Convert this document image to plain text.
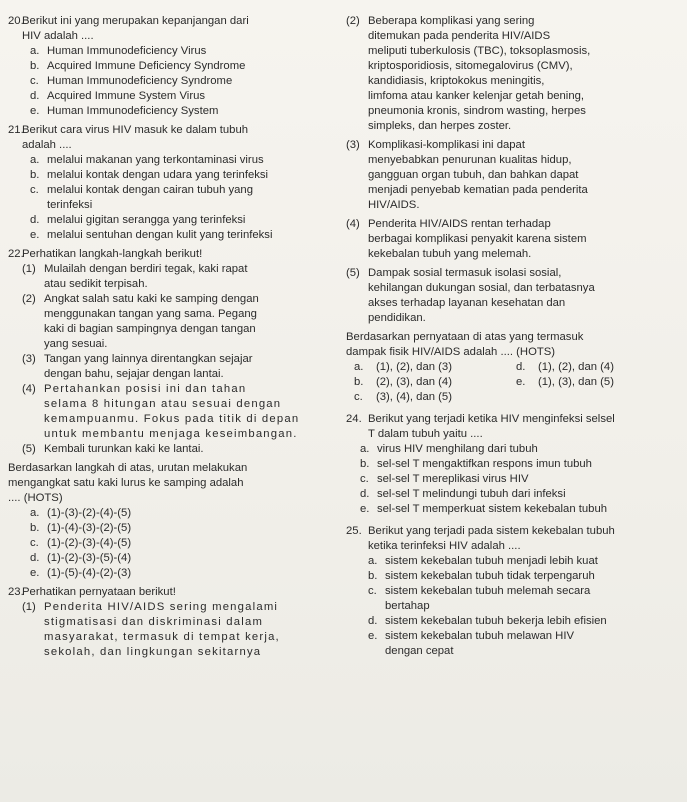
20.

Berikut ini yang merupakan kepanjangan dari
HIV adalah ....

a. Human Immunodeficiency Virus
b. Acquired Immune Deficiency Syndrome
c. Human Immunodeficiency Syndrome
d. Acquired Immune System Virus
e. Human Immunodeficiency System
21.

Berikut cara virus HIV masuk ke dalam tubuh
adalah ....

a. melalui makanan yang terkontaminasi virus
b. melalui kontak dengan udara yang terinfeksi
c. melalui kontak dengan cairan tubuh yang
terinfeksi
d. melalui gigitan serangga yang terinfeksi
e. melalui sentuhan dengan kulit yang terinfeksi
22.

Perhatikan langkah-langkah berikut!

(1) Mulailah dengan berdiri tegak, kaki rapat
atau sedikit terpisah.
(2) Angkat salah satu kaki ke samping dengan
menggunakan tangan yang sama. Pegang
kaki di bagian sampingnya dengan tangan
yang sesuai.
(3) Tangan yang lainnya direntangkan sejajar
dengan bahu, sejajar dengan lantai.
(4) Pertahankan posisi ini dan tahan
selama 8 hitungan atau sesuai dengan
kemampuanmu. Fokus pada titik di depan
untuk membantu menjaga keseimbangan.
(5) Kembali turunkan kaki ke lantai.

Berdasarkan langkah di atas, urutan melakukan
mengangkat satu kaki lurus ke samping adalah
.... (HOTS)

a. (1)-(3)-(2)-(4)-(5)
b. (1)-(4)-(3)-(2)-(5)
c. (1)-(2)-(3)-(4)-(5)
d. (1)-(2)-(3)-(5)-(4)
e. (1)-(5)-(4)-(2)-(3)
23.

Perhatikan pernyataan berikut!

(1) Penderita HIV/AIDS sering mengalami
stigmatisasi dan diskriminasi dalam
masyarakat, termasuk di tempat kerja,
sekolah, dan lingkungan sekitarnya
(2) Beberapa komplikasi yang sering
ditemukan pada penderita HIV/AIDS
meliputi tuberkulosis (TBC), toksoplasmosis,
kriptosporidiosis, sitomegalovirus (CMV),
kandidiasis, kriptokokus meningitis,
limfoma atau kanker kelenjar getah bening,
pneumonia kronis, sindrom wasting, herpes
simpleks, dan herpes zoster.
(3) Komplikasi-komplikasi ini dapat
menyebabkan penurunan kualitas hidup,
gangguan organ tubuh, dan bahkan dapat
menjadi penyebab kematian pada penderita
HIV/AIDS.
(4) Penderita HIV/AIDS rentan terhadap
berbagai komplikasi penyakit karena sistem
kekebalan tubuh yang melemah.
(5) Dampak sosial termasuk isolasi sosial,
kehilangan dukungan sosial, dan terbatasnya
akses terhadap layanan kesehatan dan
pendidikan.

Berdasarkan pernyataan di atas yang termasuk
dampak fisik HIV/AIDS adalah .... (HOTS)

a.	(1), (2), dan (3)	d.	(1), (2), dan (4)
b.	(2), (3), dan (4)	e.	(1), (3), dan (5)
c.	(3), (4), dan (5)
24. Berikut yang terjadi ketika HIV menginfeksi selsel
T dalam tubuh yaitu ....

a. virus HIV menghilang dari tubuh
b. sel-sel T mengaktifkan respons imun tubuh
c. sel-sel T mereplikasi virus HIV
d. sel-sel T melindungi tubuh dari infeksi
e. sel-sel T memperkuat sistem kekebalan tubuh
25. Berikut yang terjadi pada sistem kekebalan tubuh
ketika terinfeksi HIV adalah ....

a. sistem kekebalan tubuh menjadi lebih kuat
b. sistem kekebalan tubuh tidak terpengaruh
c. sistem kekebalan tubuh melemah secara
bertahap
d. sistem kekebalan tubuh bekerja lebih efisien
e. sistem kekebalan tubuh melawan HIV
dengan cepat
